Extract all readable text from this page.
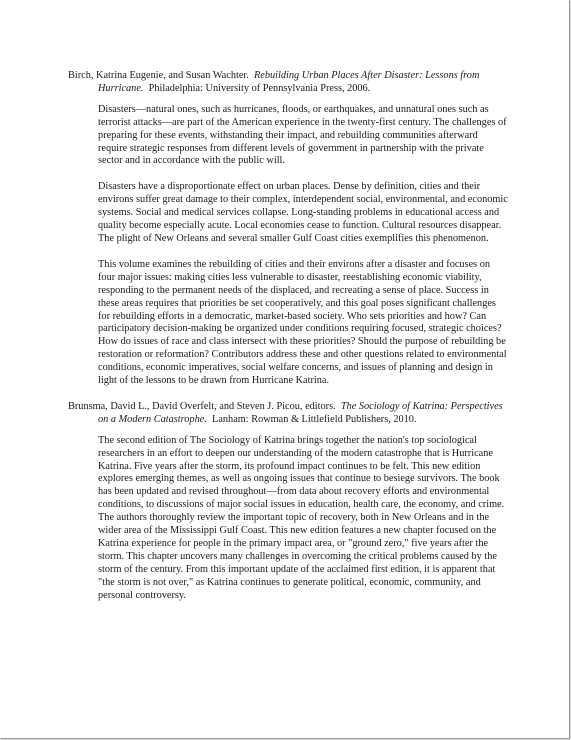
Birch, Katrina Eugenie, and Susan Wachter. Rebuilding Urban Places After Disaster: Lessons from Hurricane. Philadelphia: University of Pennsylvania Press, 2006.

Disasters—natural ones, such as hurricanes, floods, or earthquakes, and unnatural ones such as terrorist attacks—are part of the American experience in the twenty-first century. The challenges of preparing for these events, withstanding their impact, and rebuilding communities afterward require strategic responses from different levels of government in partnership with the private sector and in accordance with the public will.

Disasters have a disproportionate effect on urban places. Dense by definition, cities and their environs suffer great damage to their complex, interdependent social, environmental, and economic systems. Social and medical services collapse. Long-standing problems in educational access and quality become especially acute. Local economies cease to function. Cultural resources disappear. The plight of New Orleans and several smaller Gulf Coast cities exemplifies this phenomenon.

This volume examines the rebuilding of cities and their environs after a disaster and focuses on four major issues: making cities less vulnerable to disaster, reestablishing economic viability, responding to the permanent needs of the displaced, and recreating a sense of place. Success in these areas requires that priorities be set cooperatively, and this goal poses significant challenges for rebuilding efforts in a democratic, market-based society. Who sets priorities and how? Can participatory decision-making be organized under conditions requiring focused, strategic choices? How do issues of race and class intersect with these priorities? Should the purpose of rebuilding be restoration or reformation? Contributors address these and other questions related to environmental conditions, economic imperatives, social welfare concerns, and issues of planning and design in light of the lessons to be drawn from Hurricane Katrina.

Brunsma, David L., David Overfelt, and Steven J. Picou, editors. The Sociology of Katrina: Perspectives on a Modern Catastrophe. Lanham: Rowman & Littlefield Publishers, 2010.

The second edition of The Sociology of Katrina brings together the nation's top sociological researchers in an effort to deepen our understanding of the modern catastrophe that is Hurricane Katrina. Five years after the storm, its profound impact continues to be felt. This new edition explores emerging themes, as well as ongoing issues that continue to besiege survivors. The book has been updated and revised throughout—from data about recovery efforts and environmental conditions, to discussions of major social issues in education, health care, the economy, and crime. The authors thoroughly review the important topic of recovery, both in New Orleans and in the wider area of the Mississippi Gulf Coast. This new edition features a new chapter focused on the Katrina experience for people in the primary impact area, or "ground zero," five years after the storm. This chapter uncovers many challenges in overcoming the critical problems caused by the storm of the century. From this important update of the acclaimed first edition, it is apparent that "the storm is not over," as Katrina continues to generate political, economic, community, and personal controversy.
